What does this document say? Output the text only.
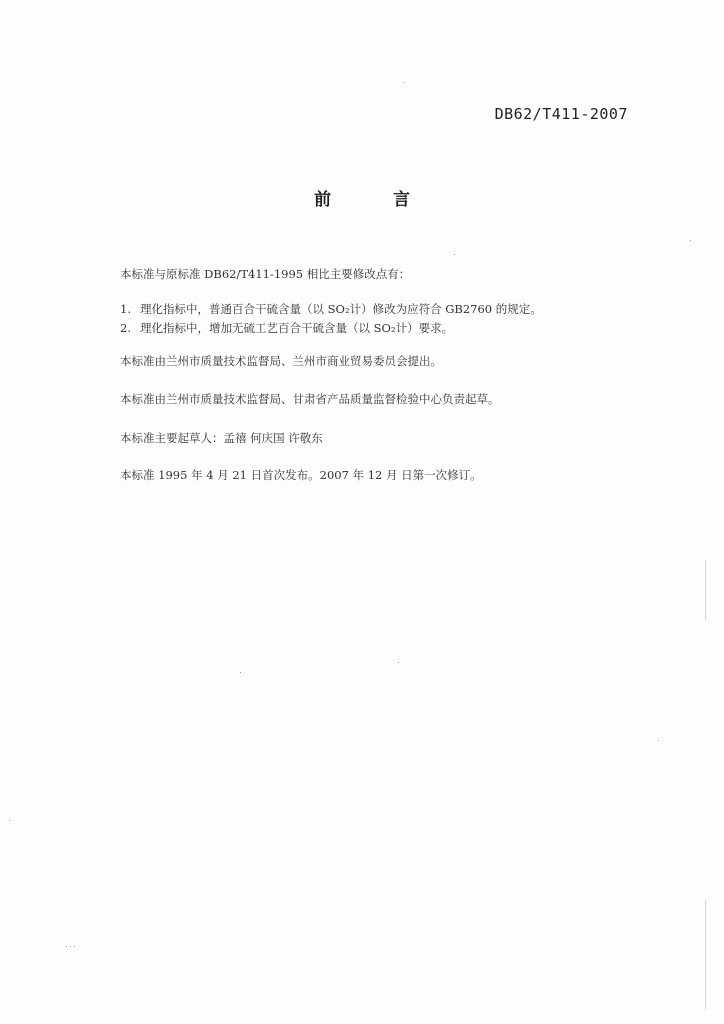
DB62/T411-2007
前 言
本标准与原标准 DB62/T411-1995 相比主要修改点有：
1. 理化指标中，普通百合干硫含量（以 SO₂计）修改为应符合 GB2760 的规定。
2. 理化指标中，增加无硫工艺百合干硫含量（以 SO₂计）要求。
本标准由兰州市质量技术监督局、兰州市商业贸易委员会提出。
本标准由兰州市质量技术监督局、甘肃省产品质量监督检验中心负责起草。
本标准主要起草人：孟禧 何庆国 许敬东
本标准 1995 年 4 月 21 日首次发布。2007 年 12 月 日第一次修订。
